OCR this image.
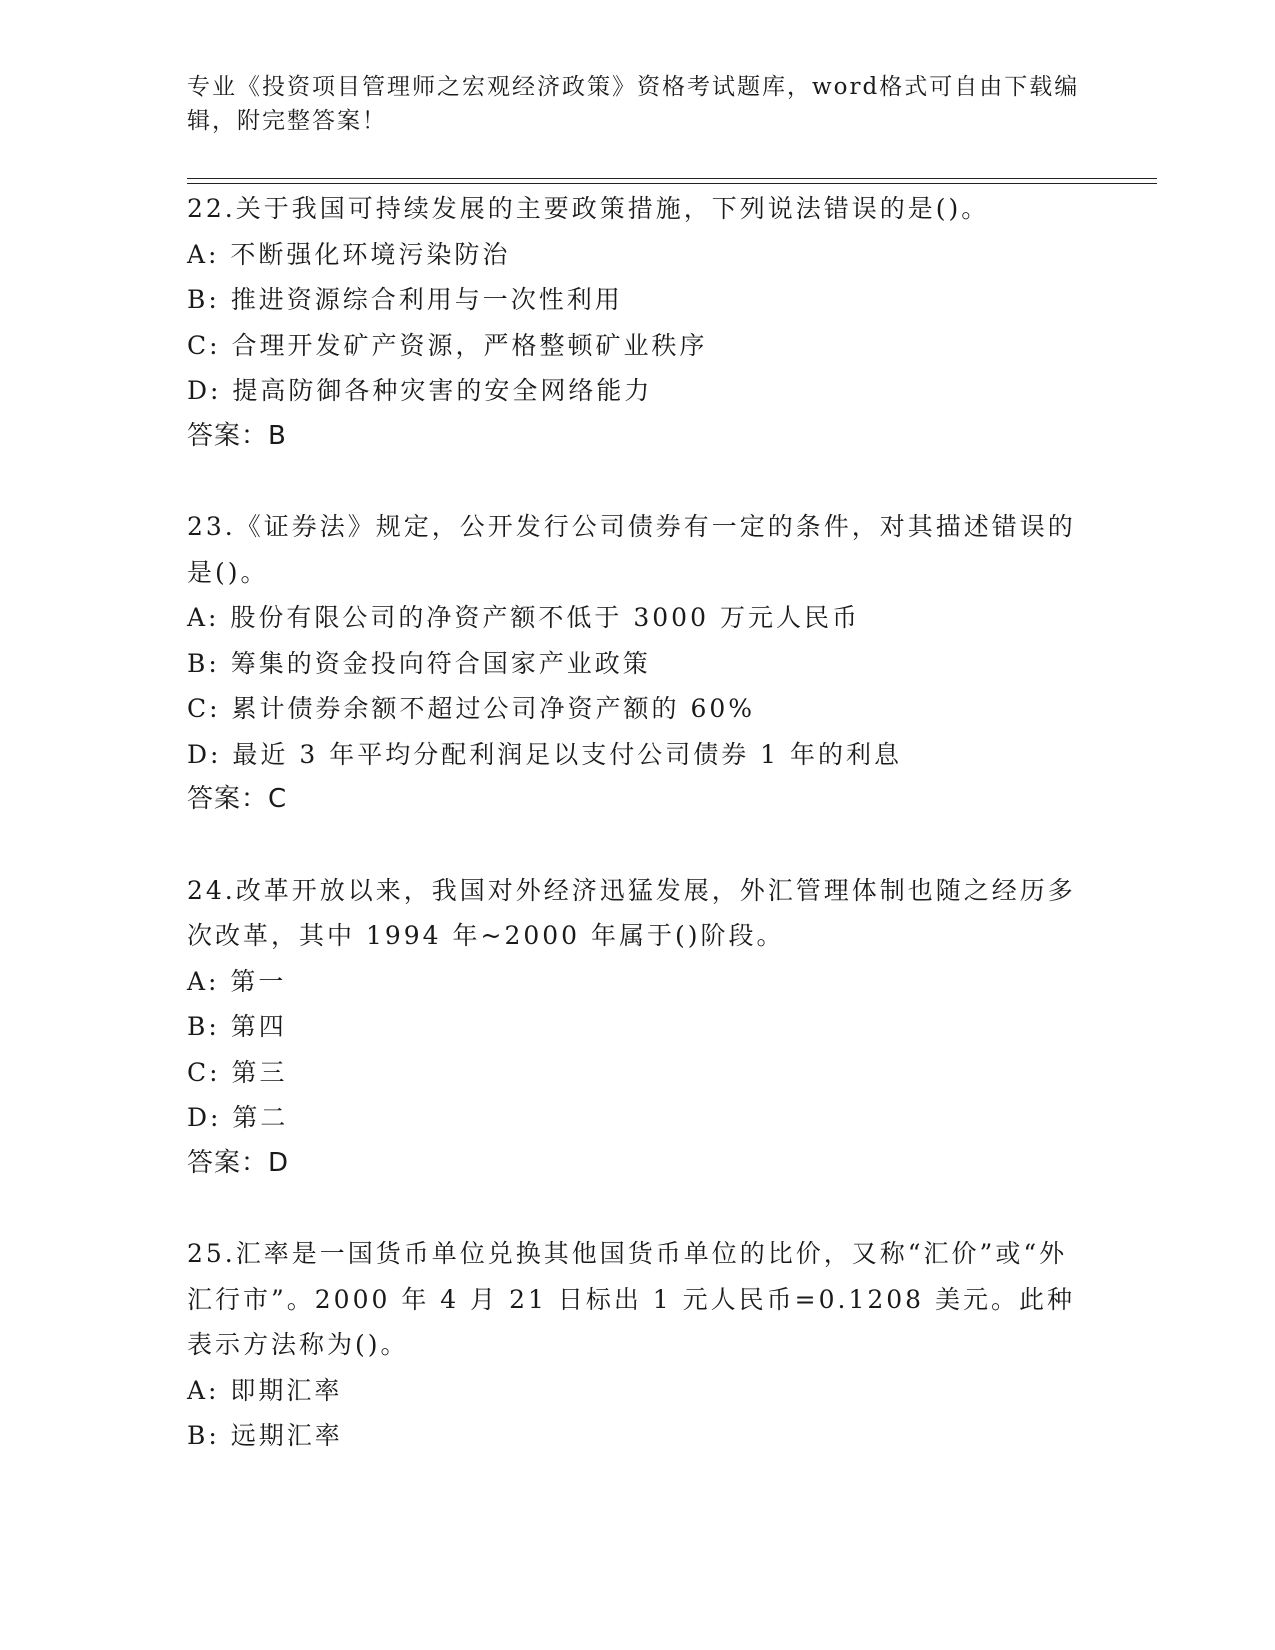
专业《投资项目管理师之宏观经济政策》资格考试题库，word格式可自由下载编辑，附完整答案！

22.关于我国可持续发展的主要政策措施，下列说法错误的是()。

A: 不断强化环境污染防治

B: 推进资源综合利用与一次性利用

C: 合理开发矿产资源，严格整顿矿业秩序

D: 提高防御各种灾害的安全网络能力

答案：B

23.《证券法》规定，公开发行公司债券有一定的条件，对其描述错误的是()。

A: 股份有限公司的净资产额不低于 3000 万元人民币

B: 筹集的资金投向符合国家产业政策

C: 累计债券余额不超过公司净资产额的 60%

D: 最近 3 年平均分配利润足以支付公司债券 1 年的利息

答案：C

24.改革开放以来，我国对外经济迅猛发展，外汇管理体制也随之经历多次改革，其中 1994 年~2000 年属于()阶段。

A: 第一

B: 第四

C: 第三

D: 第二

答案：D

25.汇率是一国货币单位兑换其他国货币单位的比价，又称“汇价”或“外汇行市”。2000 年 4 月 21 日标出 1 元人民币=0.1208 美元。此种表示方法称为()。

A: 即期汇率

B: 远期汇率
